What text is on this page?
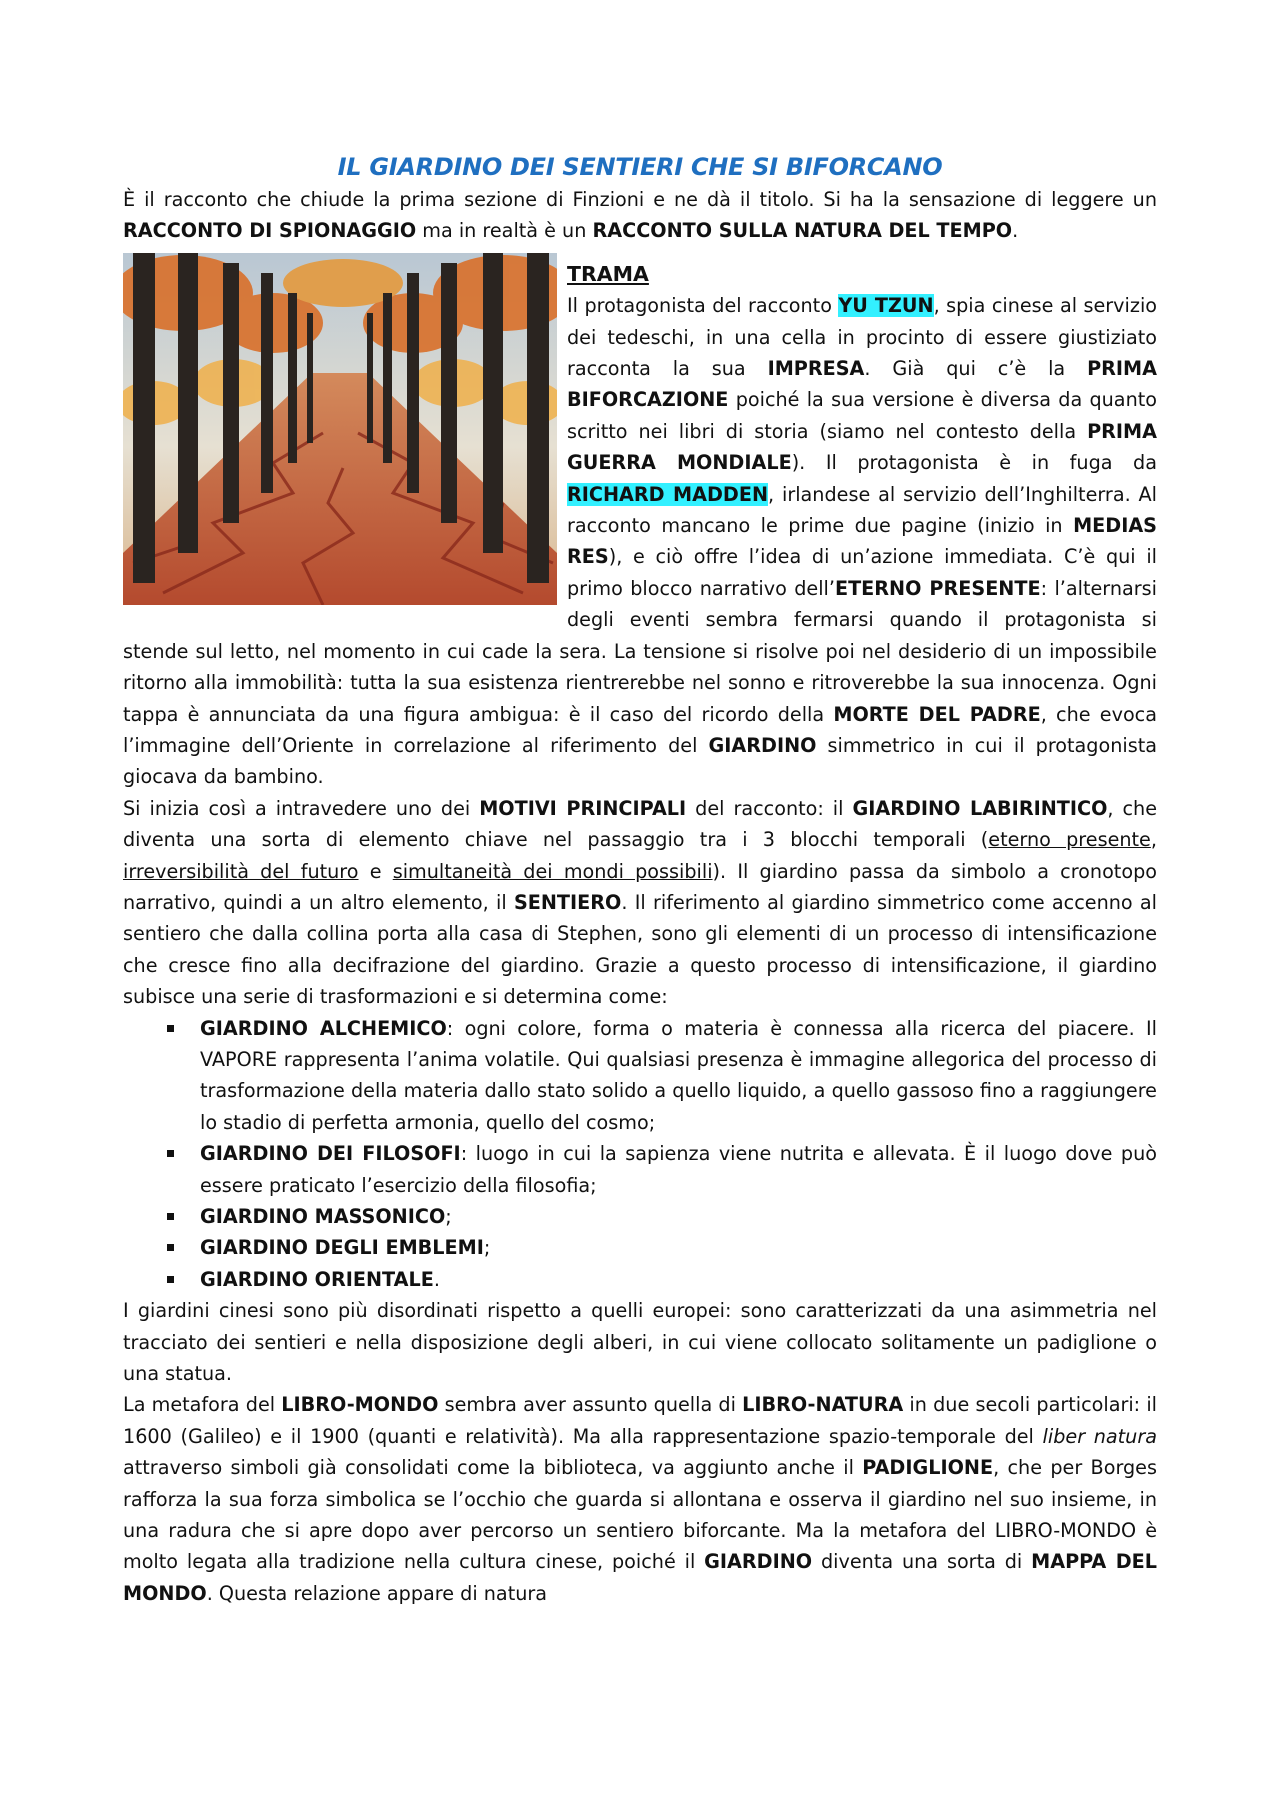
IL GIARDINO DEI SENTIERI CHE SI BIFORCANO

È il racconto che chiude la prima sezione di Finzioni e ne dà il titolo. Si ha la sensazione di leggere un RACCONTO DI SPIONAGGIO ma in realtà è un RACCONTO SULLA NATURA DEL TEMPO.

TRAMA

Il protagonista del racconto YU TZUN, spia cinese al servizio dei tedeschi, in una cella in procinto di essere giustiziato racconta la sua IMPRESA. Già qui c’è la PRIMA BIFORCAZIONE poiché la sua versione è diversa da quanto scritto nei libri di storia (siamo nel contesto della PRIMA GUERRA MONDIALE). Il protagonista è in fuga da RICHARD MADDEN, irlandese al servizio dell’Inghilterra. Al racconto mancano le prime due pagine (inizio in MEDIAS RES), e ciò offre l’idea di un’azione immediata. C’è qui il primo blocco narrativo dell’ETERNO PRESENTE: l’alternarsi degli eventi sembra fermarsi quando il protagonista si stende sul letto, nel momento in cui cade la sera. La tensione si risolve poi nel desiderio di un impossibile ritorno alla immobilità: tutta la sua esistenza rientrerebbe nel sonno e ritroverebbe la sua innocenza. Ogni tappa è annunciata da una figura ambigua: è il caso del ricordo della MORTE DEL PADRE, che evoca l’immagine dell’Oriente in correlazione al riferimento del GIARDINO simmetrico in cui il protagonista giocava da bambino.

Si inizia così a intravedere uno dei MOTIVI PRINCIPALI del racconto: il GIARDINO LABIRINTICO, che diventa una sorta di elemento chiave nel passaggio tra i 3 blocchi temporali (eterno presente, irreversibilità del futuro e simultaneità dei mondi possibili). Il giardino passa da simbolo a cronotopo narrativo, quindi a un altro elemento, il SENTIERO. Il riferimento al giardino simmetrico come accenno al sentiero che dalla collina porta alla casa di Stephen, sono gli elementi di un processo di intensificazione che cresce fino alla decifrazione del giardino. Grazie a questo processo di intensificazione, il giardino subisce una serie di trasformazioni e si determina come:

GIARDINO ALCHEMICO: ogni colore, forma o materia è connessa alla ricerca del piacere. Il VAPORE rappresenta l’anima volatile. Qui qualsiasi presenza è immagine allegorica del processo di trasformazione della materia dallo stato solido a quello liquido, a quello gassoso fino a raggiungere lo stadio di perfetta armonia, quello del cosmo;
GIARDINO DEI FILOSOFI: luogo in cui la sapienza viene nutrita e allevata. È il luogo dove può essere praticato l’esercizio della filosofia;
GIARDINO MASSONICO;
GIARDINO DEGLI EMBLEMI;
GIARDINO ORIENTALE.

I giardini cinesi sono più disordinati rispetto a quelli europei: sono caratterizzati da una asimmetria nel tracciato dei sentieri e nella disposizione degli alberi, in cui viene collocato solitamente un padiglione o una statua.

La metafora del LIBRO-MONDO sembra aver assunto quella di LIBRO-NATURA in due secoli particolari: il 1600 (Galileo) e il 1900 (quanti e relatività). Ma alla rappresentazione spazio-temporale del liber natura attraverso simboli già consolidati come la biblioteca, va aggiunto anche il PADIGLIONE, che per Borges rafforza la sua forza simbolica se l’occhio che guarda si allontana e osserva il giardino nel suo insieme, in una radura che si apre dopo aver percorso un sentiero biforcante. Ma la metafora del LIBRO-MONDO è molto legata alla tradizione nella cultura cinese, poiché il GIARDINO diventa una sorta di MAPPA DEL MONDO. Questa relazione appare di natura
